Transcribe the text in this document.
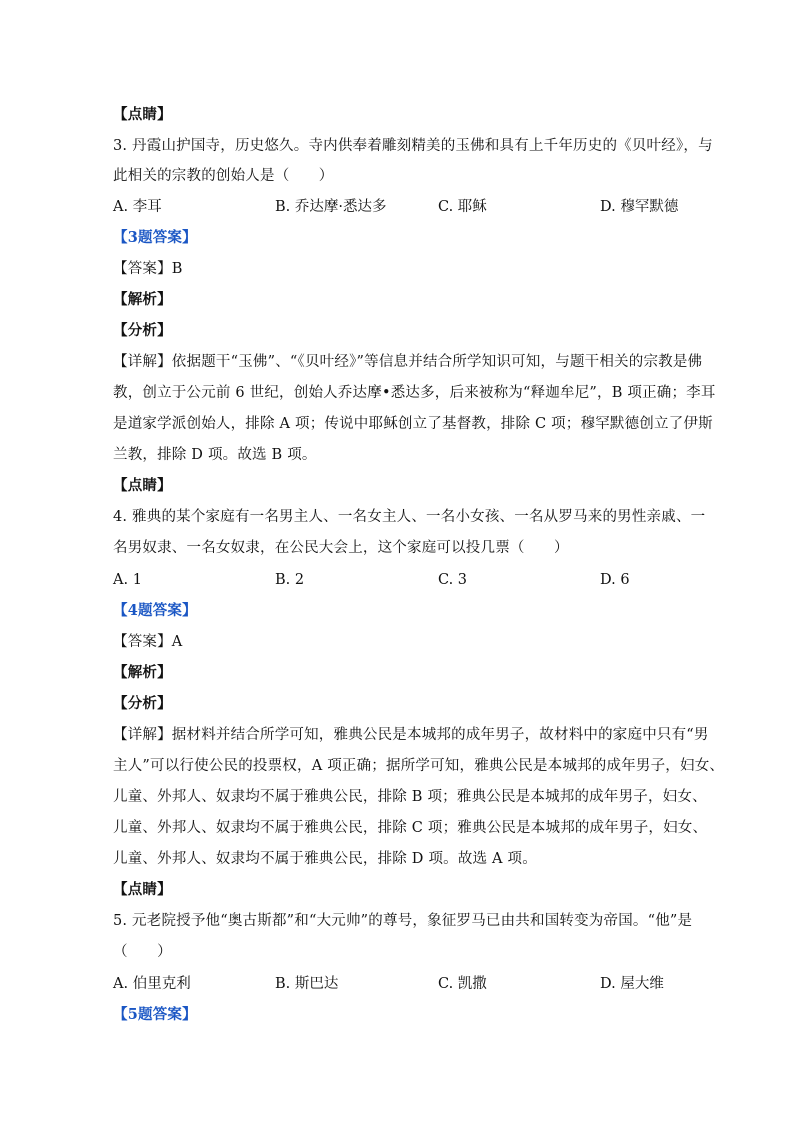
【点睛】
3. 丹霞山护国寺，历史悠久。寺内供奉着雕刻精美的玉佛和具有上千年历史的《贝叶经》，与
此相关的宗教的创始人是（　　）
A. 李耳	B. 乔达摩·悉达多	C. 耶稣	D. 穆罕默德
【3题答案】
【答案】B
【解析】
【分析】
【详解】依据题干“玉佛”、“《贝叶经》”等信息并结合所学知识可知，与题干相关的宗教是佛
教，创立于公元前 6 世纪，创始人乔达摩•悉达多，后来被称为“释迦牟尼”，B 项正确；李耳
是道家学派创始人，排除 A 项；传说中耶稣创立了基督教，排除 C 项；穆罕默德创立了伊斯
兰教，排除 D 项。故选 B 项。
【点睛】
4. 雅典的某个家庭有一名男主人、一名女主人、一名小女孩、一名从罗马来的男性亲戚、一
名男奴隶、一名女奴隶，在公民大会上，这个家庭可以投几票（　　）
A. 1	B. 2	C. 3	D. 6
【4题答案】
【答案】A
【解析】
【分析】
【详解】据材料并结合所学可知，雅典公民是本城邦的成年男子，故材料中的家庭中只有“男
主人”可以行使公民的投票权，A 项正确；据所学可知，雅典公民是本城邦的成年男子，妇女、
儿童、外邦人、奴隶均不属于雅典公民，排除 B 项；雅典公民是本城邦的成年男子，妇女、
儿童、外邦人、奴隶均不属于雅典公民，排除 C 项；雅典公民是本城邦的成年男子，妇女、
儿童、外邦人、奴隶均不属于雅典公民，排除 D 项。故选 A 项。
【点睛】
5. 元老院授予他“奥古斯都”和“大元帅”的尊号，象征罗马已由共和国转变为帝国。“他”是
（　　）
A. 伯里克利	B. 斯巴达	C. 凯撒	D. 屋大维
【5题答案】
